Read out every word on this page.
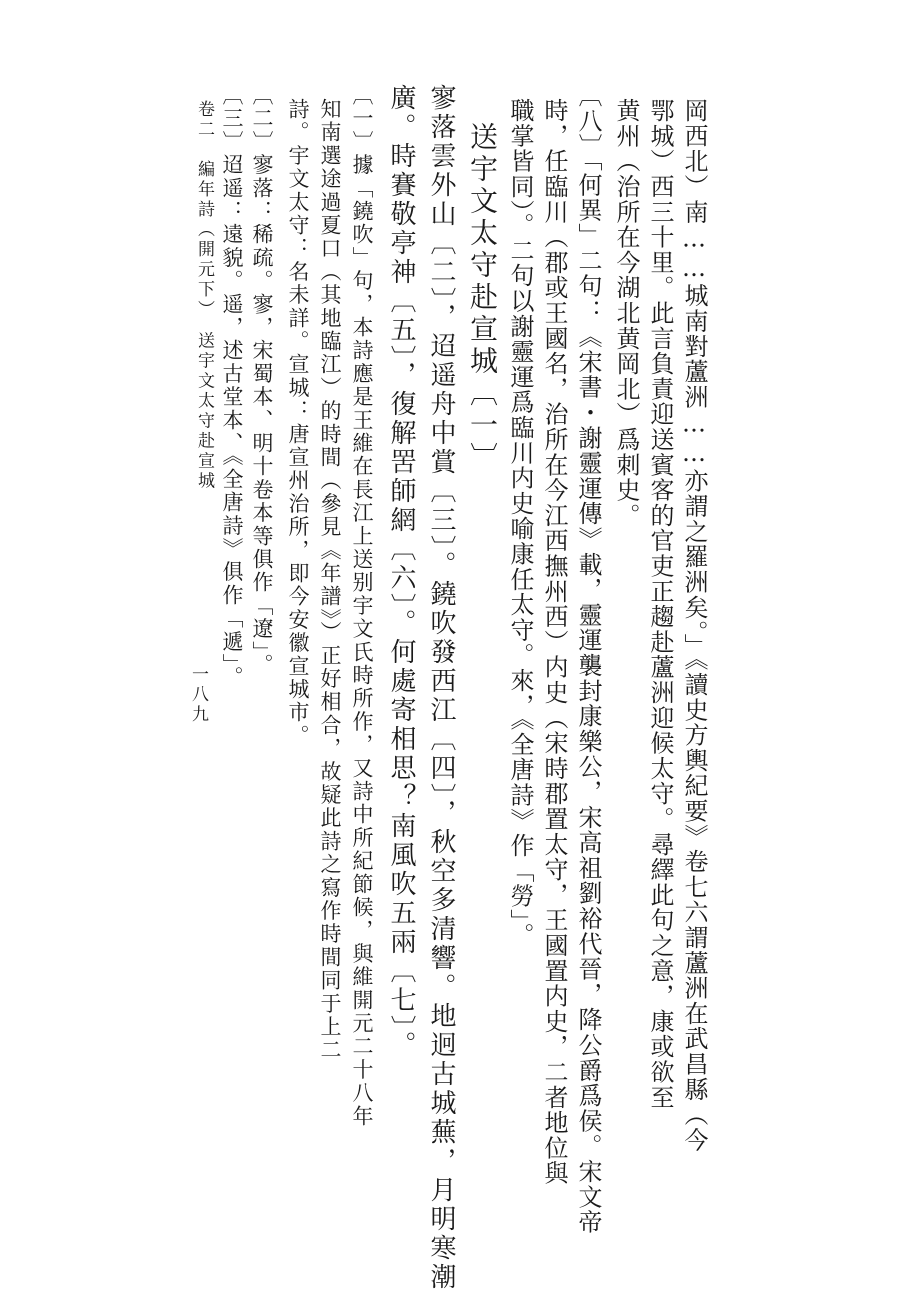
岡西北）南……城南對蘆洲……亦謂之羅洲矣。」《讀史方輿紀要》卷七六謂蘆洲在武昌縣（今
鄂城）西三十里。此言負責迎送賓客的官吏正趨赴蘆洲迎候太守。尋繹此句之意，康或欲至
黄州（治所在今湖北黄岡北）爲刺史。
〔八〕「何異」二句：《宋書・謝靈運傳》載，靈運襲封康樂公，宋高祖劉裕代晉，降公爵爲侯。宋文帝
時，任臨川（郡或王國名，治所在今江西撫州西）内史（宋時郡置太守，王國置内史，二者地位與
職掌皆同）。二句以謝靈運爲臨川内史喻康任太守。來，《全唐詩》作「勞」。
送宇文太守赴宣城〔一〕
寥落雲外山〔二〕，迢遥舟中賞〔三〕。鐃吹發西江〔四〕，秋空多清響。地迥古城蕪，月明寒潮
廣。時賽敬亭神〔五〕，復解罟師網〔六〕。何處寄相思？南風吹五兩〔七〕。
〔一〕據「鐃吹」句，本詩應是王維在長江上送别宇文氏時所作，又詩中所紀節候，與維開元二十八年
知南選途過夏口（其地臨江）的時間（參見《年譜》）正好相合，故疑此詩之寫作時間同于上二
詩。宇文太守：名未詳。宣城：唐宣州治所，即今安徽宣城市。
〔二〕寥落：稀疏。寥，宋蜀本、明十卷本等俱作「遼」。
〔三〕迢遥：遠貌。遥，述古堂本、《全唐詩》俱作「遞」。
卷二　編年詩（開元下）　送宇文太守赴宣城
一八九
